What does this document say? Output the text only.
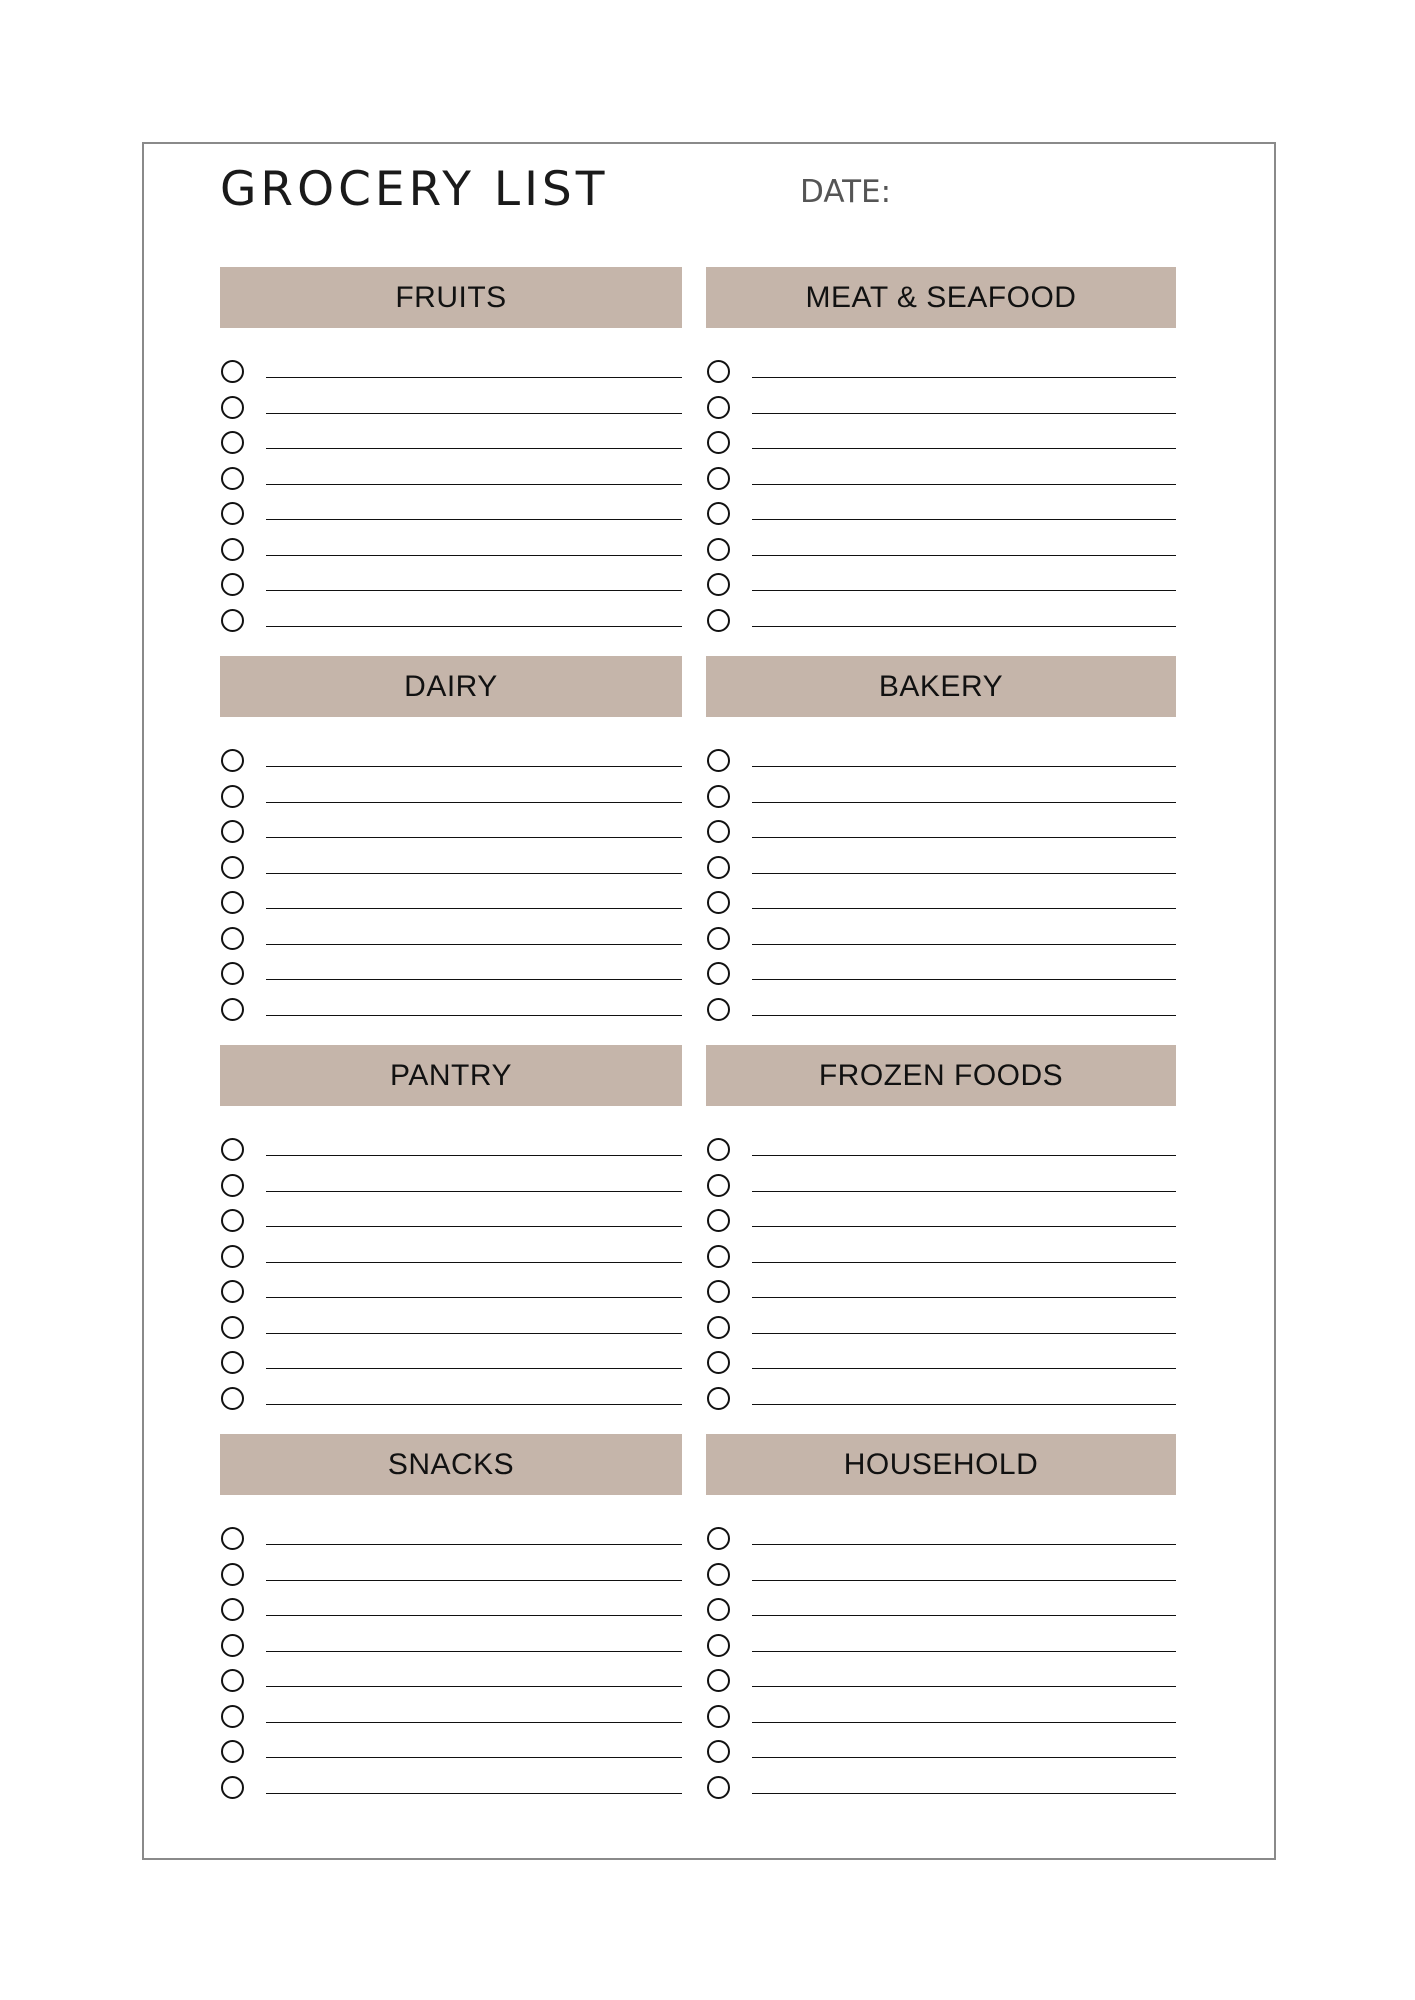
GROCERY LIST	DATE:
FRUITS	MEAT & SEAFOOD
DAIRY	BAKERY
PANTRY	FROZEN FOODS
SNACKS	HOUSEHOLD
